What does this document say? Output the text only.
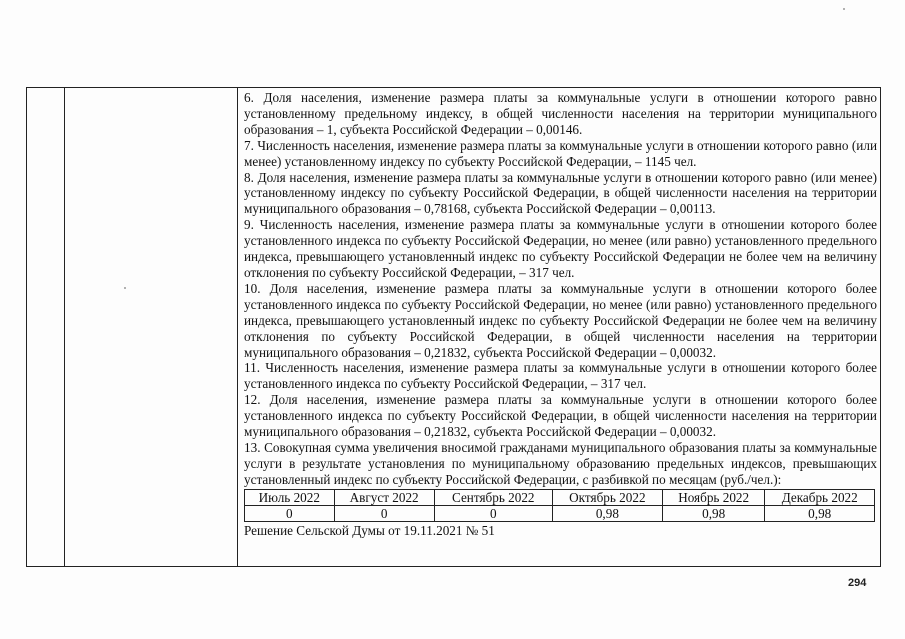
6. Доля населения, изменение размера платы за коммунальные услуги в отношении которого равно установленному предельному индексу, в общей численности населения на территории муниципального образования – 1, субъекта Российской Федерации – 0,00146.

7. Численность населения, изменение размера платы за коммунальные услуги в отношении которого равно (или менее) установленному индексу по субъекту Российской Федерации, – 1145 чел.

8. Доля населения, изменение размера платы за коммунальные услуги в отношении которого равно (или менее) установленному индексу по субъекту Российской Федерации, в общей численности населения на территории муниципального образования – 0,78168, субъекта Российской Федерации – 0,00113.

9. Численность населения, изменение размера платы за коммунальные услуги в отношении которого более установленного индекса по субъекту Российской Федерации, но менее (или равно) установленного предельного индекса, превышающего установленный индекс по субъекту Российской Федерации не более чем на величину отклонения по субъекту Российской Федерации, – 317 чел.

10. Доля населения, изменение размера платы за коммунальные услуги в отношении которого более установленного индекса по субъекту Российской Федерации, но менее (или равно) установленного предельного индекса, превышающего установленный индекс по субъекту Российской Федерации не более чем на величину отклонения по субъекту Российской Федерации, в общей численности населения на территории муниципального образования – 0,21832, субъекта Российской Федерации – 0,00032.

11. Численность населения, изменение размера платы за коммунальные услуги в отношении которого более установленного индекса по субъекту Российской Федерации, – 317 чел.

12. Доля населения, изменение размера платы за коммунальные услуги в отношении которого более установленного индекса по субъекту Российской Федерации, в общей численности населения на территории муниципального образования – 0,21832, субъекта Российской Федерации – 0,00032.

13. Совокупная сумма увеличения вносимой гражданами муниципального образования платы за коммунальные услуги в результате установления по муниципальному образованию предельных индексов, превышающих установленный индекс по субъекту Российской Федерации, с разбивкой по месяцам (руб./чел.):

Июль 2022	Август 2022	Сентябрь 2022	Октябрь 2022	Ноябрь 2022	Декабрь 2022
0	0	0	0,98	0,98	0,98

Решение Сельской Думы от 19.11.2021 № 51

294
